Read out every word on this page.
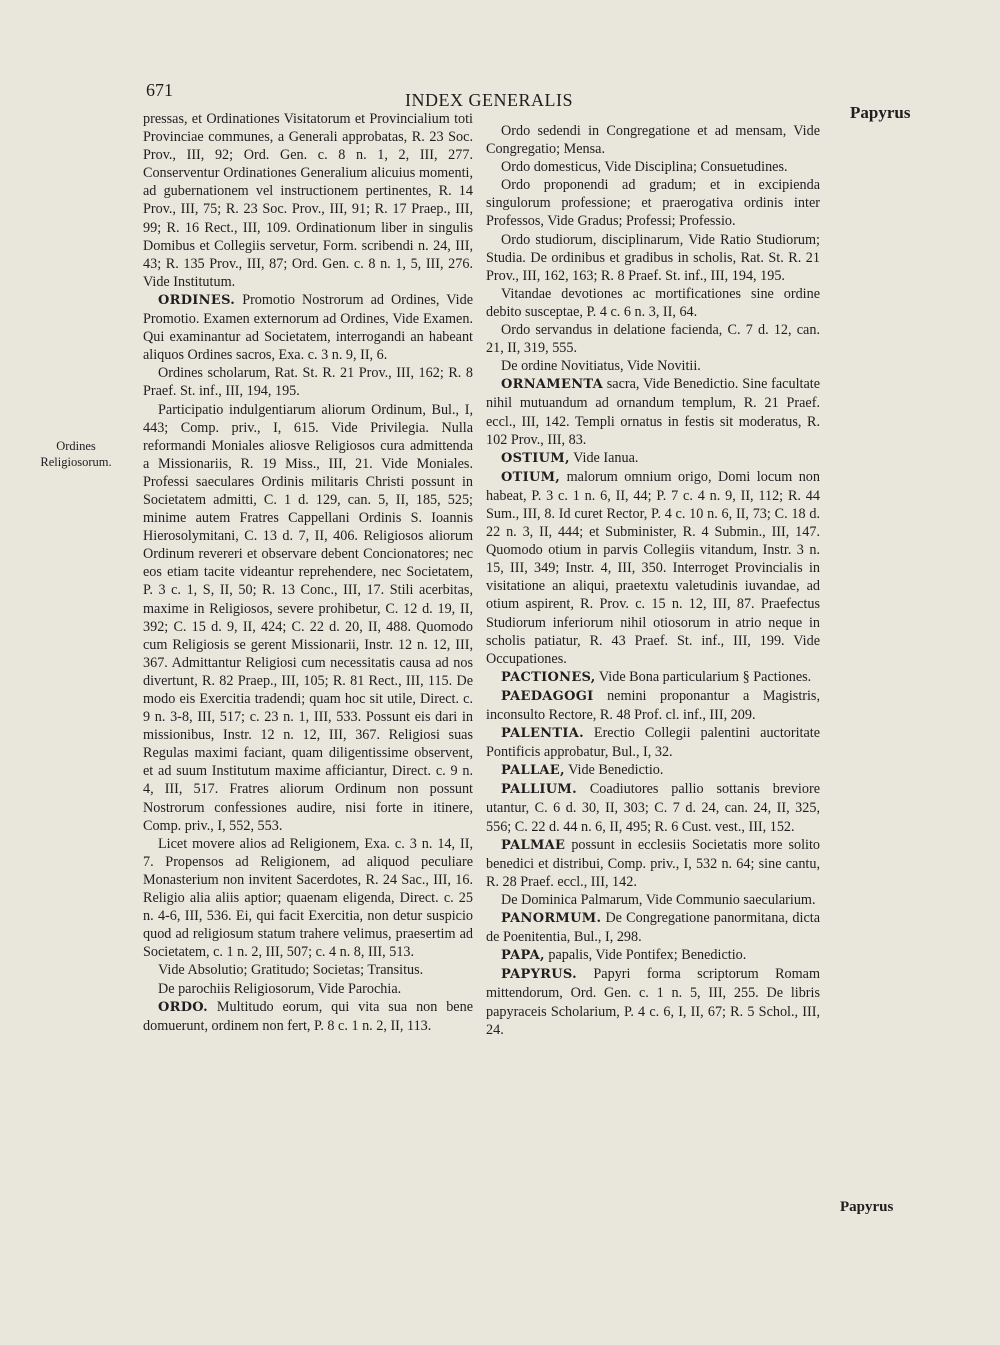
671	INDEX GENERALIS
Papyrus
Ordines Religiosorum.

pressas, et Ordinationes Visitatorum et Provincialium toti Provinciae communes, a Generali approbatas, R. 23 Soc. Prov., III, 92; Ord. Gen. c. 8 n. 1, 2, III, 277. Conserventur Ordinationes Generalium alicuius momenti, ad gubernationem vel instructionem pertinentes, R. 14 Prov., III, 75; R. 23 Soc. Prov., III, 91; R. 17 Praep., III, 99; R. 16 Rect., III, 109. Ordinationum liber in singulis Domibus et Collegiis servetur, Form. scribendi n. 24, III, 43; R. 135 Prov., III, 87; Ord. Gen. c. 8 n. 1, 5, III, 276. Vide Institutum.

ORDINES. Promotio Nostrorum ad Ordines, Vide Promotio. Examen externorum ad Ordines, Vide Examen. Qui examinantur ad Societatem, interrogandi an habeant aliquos Ordines sacros, Exa. c. 3 n. 9, II, 6.

Ordines scholarum, Rat. St. R. 21 Prov., III, 162; R. 8 Praef. St. inf., III, 194, 195.

Participatio indulgentiarum aliorum Ordinum, Bul., I, 443; Comp. priv., I, 615. Vide Privilegia. Nulla reformandi Moniales aliosve Religiosos cura admittenda a Missionariis, R. 19 Miss., III, 21. Vide Moniales. Professi saeculares Ordinis militaris Christi possunt in Societatem admitti, C. 1 d. 129, can. 5, II, 185, 525; minime autem Fratres Cappellani Ordinis S. Ioannis Hierosolymitani, C. 13 d. 7, II, 406. Religiosos aliorum Ordinum revereri et observare debent Concionatores; nec eos etiam tacite videantur reprehendere, nec Societatem, P. 3 c. 1, S, II, 50; R. 13 Conc., III, 17. Stili acerbitas, maxime in Religiosos, severe prohibetur, C. 12 d. 19, II, 392; C. 15 d. 9, II, 424; C. 22 d. 20, II, 488. Quomodo cum Religiosis se gerent Missionarii, Instr. 12 n. 12, III, 367. Admittantur Religiosi cum necessitatis causa ad nos divertunt, R. 82 Praep., III, 105; R. 81 Rect., III, 115. De modo eis Exercitia tradendi; quam hoc sit utile, Direct. c. 9 n. 3-8, III, 517; c. 23 n. 1, III, 533. Possunt eis dari in missionibus, Instr. 12 n. 12, III, 367. Religiosi suas Regulas maximi faciant, quam diligentissime observent, et ad suum Institutum maxime afficiantur, Direct. c. 9 n. 4, III, 517. Fratres aliorum Ordinum non possunt Nostrorum confessiones audire, nisi forte in itinere, Comp. priv., I, 552, 553.

Licet movere alios ad Religionem, Exa. c. 3 n. 14, II, 7. Propensos ad Religionem, ad aliquod peculiare Monasterium non invitent Sacerdotes, R. 24 Sac., III, 16. Religio alia aliis aptior; quaenam eligenda, Direct. c. 25 n. 4-6, III, 536. Ei, qui facit Exercitia, non detur suspicio quod ad religiosum statum trahere velimus, praesertim ad Societatem, c. 1 n. 2, III, 507; c. 4 n. 8, III, 513.

Vide Absolutio; Gratitudo; Societas; Transitus.

De parochiis Religiosorum, Vide Parochia.

ORDO. Multitudo eorum, qui vita sua non bene domuerunt, ordinem non fert, P. 8 c. 1 n. 2, II, 113.

Ordo sedendi in Congregatione et ad mensam, Vide Congregatio; Mensa.

Ordo domesticus, Vide Disciplina; Consuetudines.

Ordo proponendi ad gradum; et in excipienda singulorum professione; et praerogativa ordinis inter Professos, Vide Gradus; Professi; Professio.

Ordo studiorum, disciplinarum, Vide Ratio Studiorum; Studia. De ordinibus et gradibus in scholis, Rat. St. R. 21 Prov., III, 162, 163; R. 8 Praef. St. inf., III, 194, 195.

Vitandae devotiones ac mortificationes sine ordine debito susceptae, P. 4 c. 6 n. 3, II, 64.

Ordo servandus in delatione facienda, C. 7 d. 12, can. 21, II, 319, 555.

De ordine Novitiatus, Vide Novitii.

ORNAMENTA sacra, Vide Benedictio. Sine facultate nihil mutuandum ad ornandum templum, R. 21 Praef. eccl., III, 142. Templi ornatus in festis sit moderatus, R. 102 Prov., III, 83.

OSTIUM, Vide Ianua.

OTIUM, malorum omnium origo, Domi locum non habeat, P. 3 c. 1 n. 6, II, 44; P. 7 c. 4 n. 9, II, 112; R. 44 Sum., III, 8. Id curet Rector, P. 4 c. 10 n. 6, II, 73; C. 18 d. 22 n. 3, II, 444; et Subminister, R. 4 Submin., III, 147. Quomodo otium in parvis Collegiis vitandum, Instr. 3 n. 15, III, 349; Instr. 4, III, 350. Interroget Provincialis in visitatione an aliqui, praetextu valetudinis iuvandae, ad otium aspirent, R. Prov. c. 15 n. 12, III, 87. Praefectus Studiorum inferiorum nihil otiosorum in atrio neque in scholis patiatur, R. 43 Praef. St. inf., III, 199. Vide Occupationes.

PACTIONES, Vide Bona particularium § Pactiones.

PAEDAGOGI nemini proponantur a Magistris, inconsulto Rectore, R. 48 Prof. cl. inf., III, 209.

PALENTIA. Erectio Collegii palentini auctoritate Pontificis approbatur, Bul., I, 32.

PALLAE, Vide Benedictio.

PALLIUM. Coadiutores pallio sottanis breviore utantur, C. 6 d. 30, II, 303; C. 7 d. 24, can. 24, II, 325, 556; C. 22 d. 44 n. 6, II, 495; R. 6 Cust. vest., III, 152.

PALMAE possunt in ecclesiis Societatis more solito benedici et distribui, Comp. priv., I, 532 n. 64; sine cantu, R. 28 Praef. eccl., III, 142.

De Dominica Palmarum, Vide Communio saecularium.

PANORMUM. De Congregatione panormitana, dicta de Poenitentia, Bul., I, 298.

PAPA, papalis, Vide Pontifex; Benedictio.

PAPYRUS. Papyri forma scriptorum Romam mittendorum, Ord. Gen. c. 1 n. 5, III, 255. De libris papyraceis Scholarium, P. 4 c. 6, I, II, 67; R. 5 Schol., III, 24.

Papyrus
